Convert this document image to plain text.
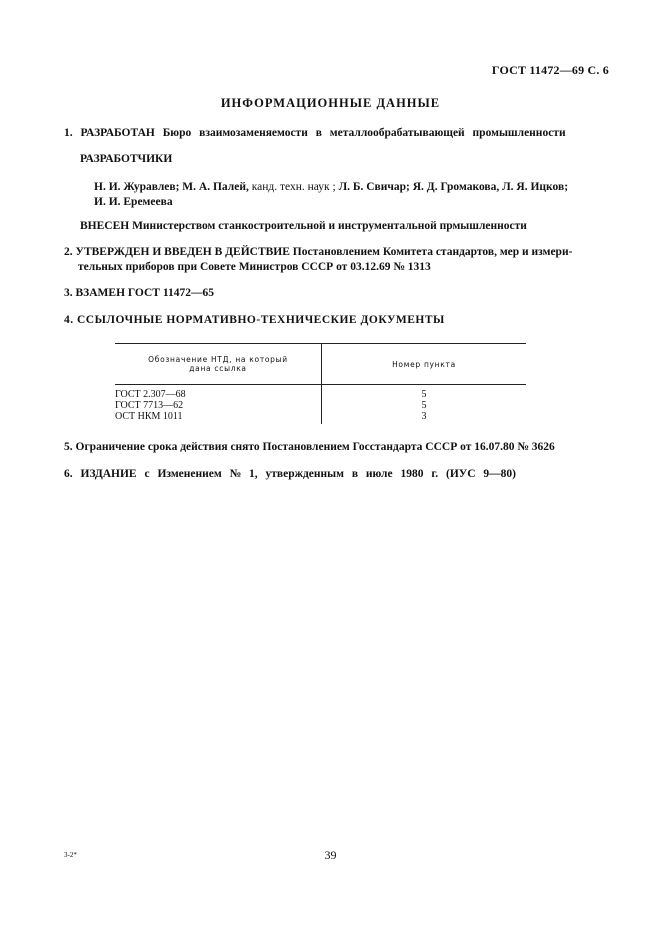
ГОСТ 11472—69 С. 6
ИНФОРМАЦИОННЫЕ ДАННЫЕ
1. РАЗРАБОТАН Бюро взаимозаменяемости в металлообрабатывающей промышленности
РАЗРАБОТЧИКИ
Н. И. Журавлев; М. А. Палей, канд. техн. наук ; Л. Б. Свичар; Я. Д. Громакова, Л. Я. Ицков;
И. И. Еремеева
ВНЕСЕН Министерством станкостроительной и инструментальной прмышленности
2. УТВЕРЖДЕН И ВВЕДЕН В ДЕЙСТВИЕ Постановлением Комитета стандартов, мер и измери-
тельных приборов при Совете Министров СССР от 03.12.69 № 1313
3. ВЗАМЕН ГОСТ 11472—65
4. ССЫЛОЧНЫЕ НОРМАТИВНО-ТЕХНИЧЕСКИЕ ДОКУМЕНТЫ
Обозначение НТД, на который
дана ссылка	Номер пункта
ГОСТ 2.307—68	5
ГОСТ 7713—62	5
ОСТ НКМ 1011	3
5. Ограничение срока действия снято Постановлением Госстандарта СССР от 16.07.80 № 3626
6. ИЗДАНИЕ с Изменением № 1, утвержденным в июле 1980 г. (ИУС 9—80)
3-2*	39
